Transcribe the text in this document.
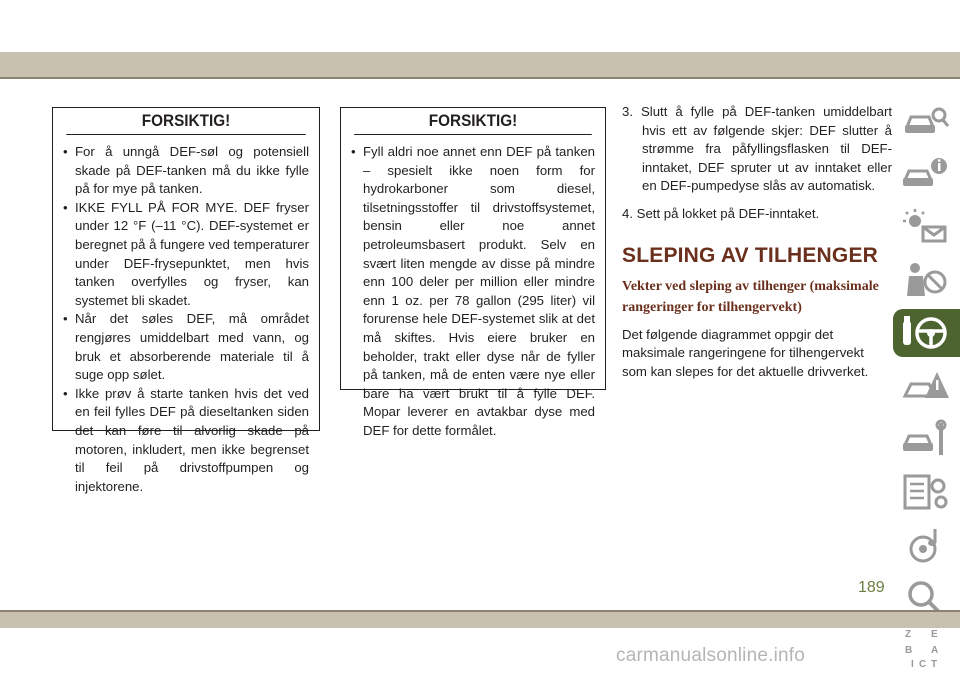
FORSIKTIG!
• For å unngå DEF-søl og potensiell skade på DEF-tanken må du ikke fylle på for mye på tanken.
• IKKE FYLL PÅ FOR MYE. DEF fryser under 12 °F (–11 °C). DEF-systemet er beregnet på å fungere ved temperaturer under DEF-frysepunktet, men hvis tanken overfylles og fryser, kan systemet bli skadet.
• Når det søles DEF, må området rengjøres umiddelbart med vann, og bruk et absorberende materiale til å suge opp sølet.
• Ikke prøv å starte tanken hvis det ved en feil fylles DEF på dieseltanken siden det kan føre til alvorlig skade på motoren, inkludert, men ikke begrenset til feil på drivstoffpumpen og injektorene.
FORSIKTIG!
• Fyll aldri noe annet enn DEF på tanken – spesielt ikke noen form for hydrokarboner som diesel, tilsetningsstoffer til drivstoffsystemet, bensin eller noe annet petroleumsbasert produkt. Selv en svært liten mengde av disse på mindre enn 100 deler per million eller mindre enn 1 oz. per 78 gallon (295 liter) vil forurense hele DEF-systemet slik at det må skiftes. Hvis eiere bruker en beholder, trakt eller dyse når de fyller på tanken, må de enten være nye eller bare ha vært brukt til å fylle DEF. Mopar leverer en avtakbar dyse med DEF for dette formålet.

3. Slutt å fylle på DEF-tanken umiddelbart hvis ett av følgende skjer: DEF slutter å strømme fra påfyllingsflasken til DEF-inntaket, DEF spruter ut av inntaket eller en DEF-pumpedyse slås av automatisk.

4. Sett på lokket på DEF-inntaket.

SLEPING AV TILHENGER
Vekter ved sleping av tilhenger (maksimale rangeringer for tilhengervekt)

Det følgende diagrammet oppgir det maksimale rangeringene for tilhengervekt som kan slepes for det aktuelle drivverket.

Z E
B A
I C T
189
carmanualsonline.info
